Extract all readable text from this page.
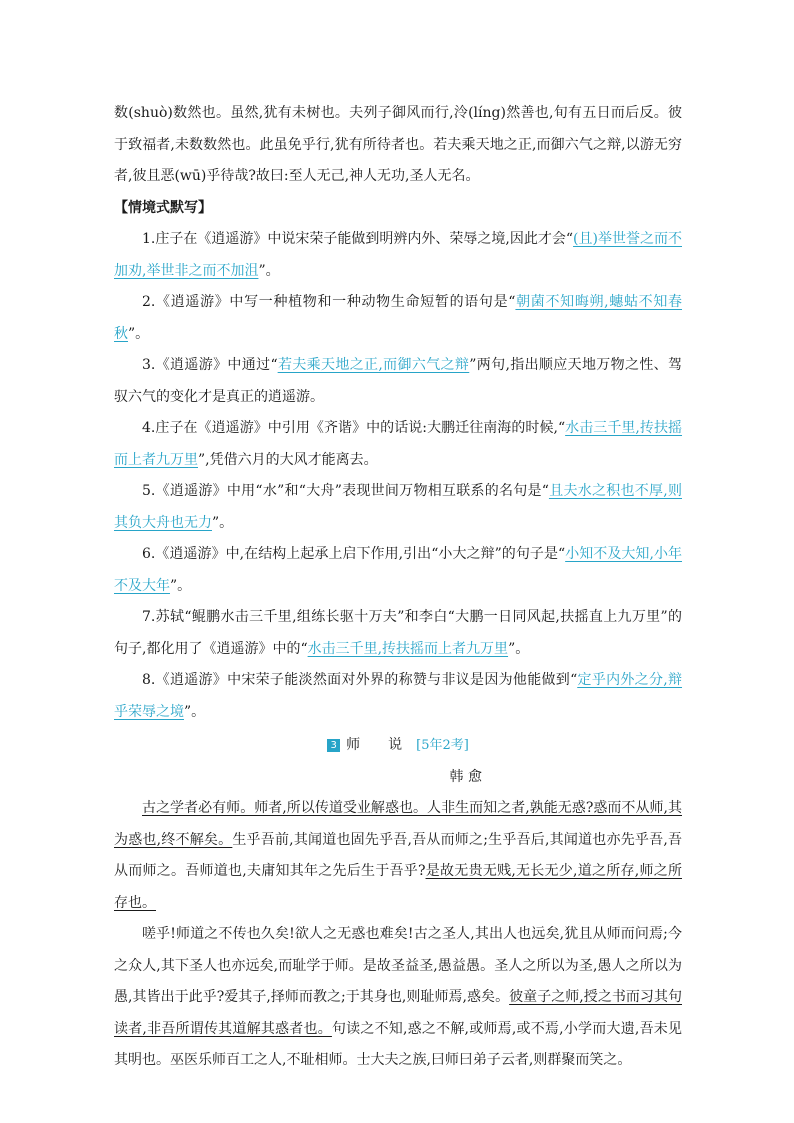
数(shuò)数然也。虽然,犹有未树也。夫列子御风而行,泠(líng)然善也,旬有五日而后反。彼于致福者,未数数然也。此虽免乎行,犹有所待者也。若夫乘天地之正,而御六气之辩,以游无穷者,彼且恶(wū)乎待哉?故曰:至人无己,神人无功,圣人无名。

【情境式默写】

1.庄子在《逍遥游》中说宋荣子能做到明辨内外、荣辱之境,因此才会“(且)举世誉之而不加劝,举世非之而不加沮”。

2.《逍遥游》中写一种植物和一种动物生命短暂的语句是“朝菌不知晦朔,蟪蛄不知春秋”。

3.《逍遥游》中通过“若夫乘天地之正,而御六气之辩”两句,指出顺应天地万物之性、驾驭六气的变化才是真正的逍遥游。

4.庄子在《逍遥游》中引用《齐谐》中的话说:大鹏迁往南海的时候,“水击三千里,抟扶摇而上者九万里”,凭借六月的大风才能离去。

5.《逍遥游》中用“水”和“大舟”表现世间万物相互联系的名句是“且夫水之积也不厚,则其负大舟也无力”。

6.《逍遥游》中,在结构上起承上启下作用,引出“小大之辩”的句子是“小知不及大知,小年不及大年”。

7.苏轼“鲲鹏水击三千里,组练长驱十万夫”和李白“大鹏一日同风起,扶摇直上九万里”的句子,都化用了《逍遥游》中的“水击三千里,抟扶摇而上者九万里”。

8.《逍遥游》中宋荣子能淡然面对外界的称赞与非议是因为他能做到“定乎内外之分,辩乎荣辱之境”。

3 师 说 [5年2考]

韩 愈

古之学者必有师。师者,所以传道受业解惑也。人非生而知之者,孰能无惑?惑而不从师,其为惑也,终不解矣。生乎吾前,其闻道也固先乎吾,吾从而师之;生乎吾后,其闻道也亦先乎吾,吾从而师之。吾师道也,夫庸知其年之先后生于吾乎?是故无贵无贱,无长无少,道之所存,师之所存也。

嗟乎!师道之不传也久矣!欲人之无惑也难矣!古之圣人,其出人也远矣,犹且从师而问焉;今之众人,其下圣人也亦远矣,而耻学于师。是故圣益圣,愚益愚。圣人之所以为圣,愚人之所以为愚,其皆出于此乎?爱其子,择师而教之;于其身也,则耻师焉,惑矣。彼童子之师,授之书而习其句读者,非吾所谓传其道解其惑者也。句读之不知,惑之不解,或师焉,或不焉,小学而大遗,吾未见其明也。巫医乐师百工之人,不耻相师。士大夫之族,曰师曰弟子云者,则群聚而笑之。
